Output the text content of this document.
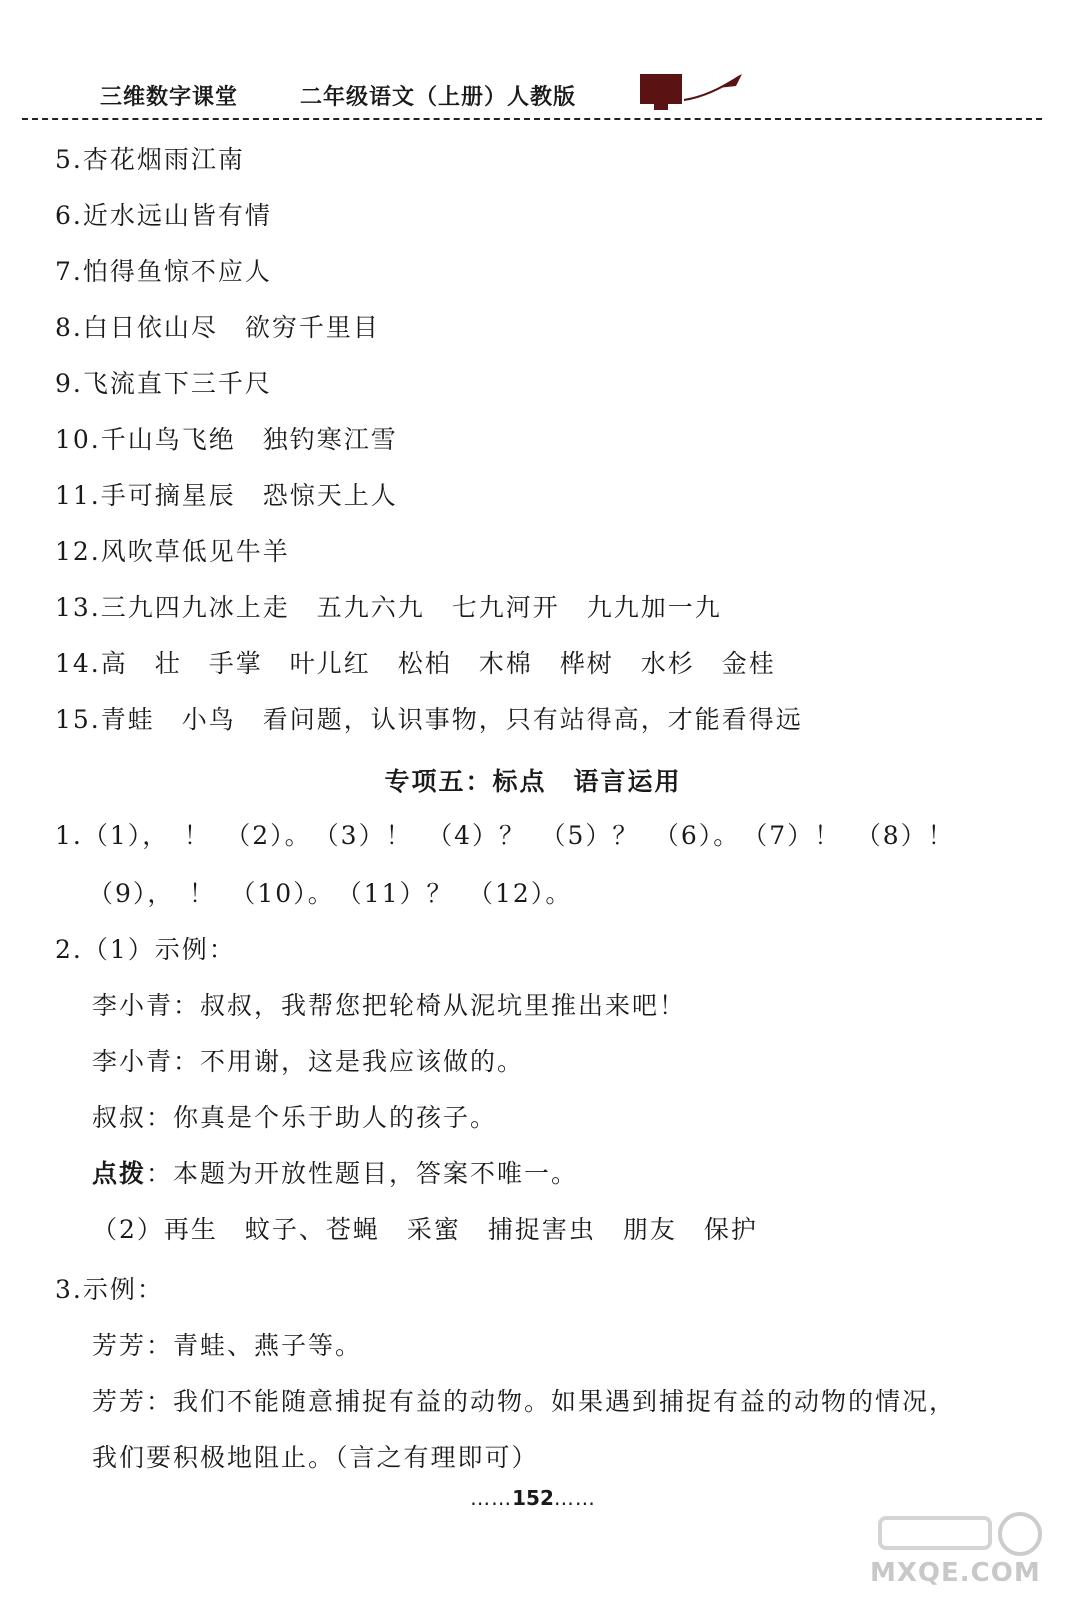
三维数字课堂	二年级语文（上册）人教版
5.杏花烟雨江南
6.近水远山皆有情
7.怕得鱼惊不应人
8.白日依山尽　欲穷千里目
9.飞流直下三千尺
10.千山鸟飞绝　独钓寒江雪
11.手可摘星辰　恐惊天上人
12.风吹草低见牛羊
13.三九四九冰上走　五九六九　七九河开　九九加一九
14.高　壮　手掌　叶儿红　松柏　木棉　桦树　水杉　金桂
15.青蛙　小鸟　看问题，认识事物，只有站得高，才能看得远
专项五：标点　语言运用
1.（1），　！　（2）。　（3）！　（4）？　（5）？　（6）。　（7）！　（8）！
（9），　！　（10）。　（11）？　（12）。
2.（1）示例：
李小青：叔叔，我帮您把轮椅从泥坑里推出来吧！
李小青：不用谢，这是我应该做的。
叔叔：你真是个乐于助人的孩子。
点拨：本题为开放性题目，答案不唯一。
（2）再生　蚊子、苍蝇　采蜜　捕捉害虫　朋友　保护
3.示例：
芳芳：青蛙、燕子等。
芳芳：我们不能随意捕捉有益的动物。如果遇到捕捉有益的动物的情况，
我们要积极地阻止。（言之有理即可）
……152……
MXQE.COM
